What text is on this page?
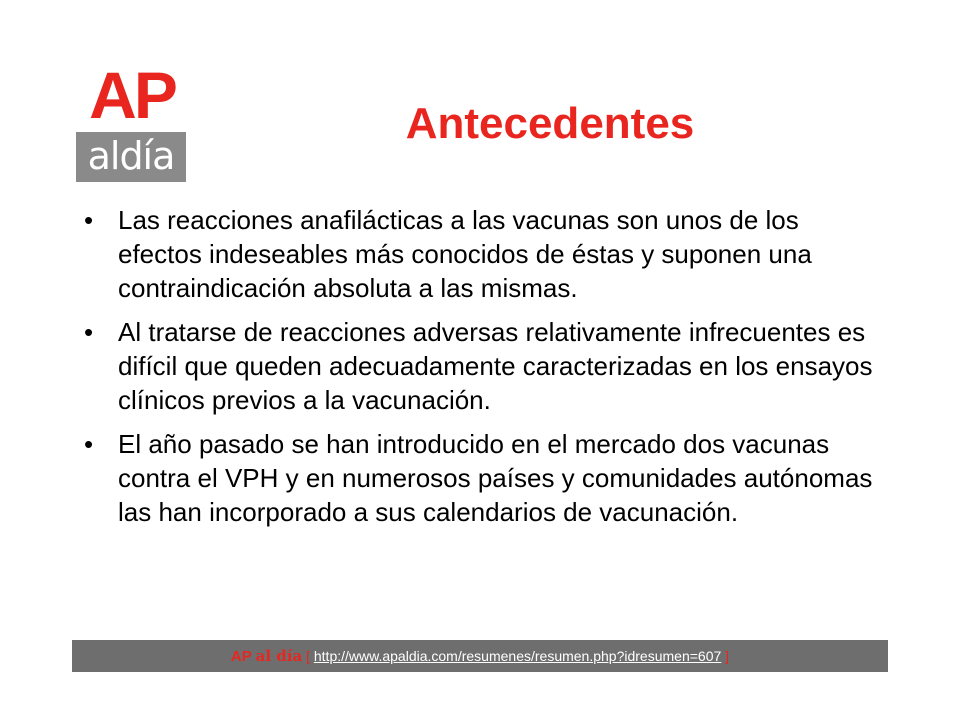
AP
aldía
Antecedentes
• Las reacciones anafilácticas a las vacunas son unos de los efectos indeseables más conocidos de éstas y suponen una contraindicación absoluta a las mismas.
• Al tratarse de reacciones adversas relativamente infrecuentes es difícil que queden adecuadamente caracterizadas en los ensayos clínicos previos a la vacunación.
• El año pasado se han introducido en el mercado dos vacunas contra el VPH y en numerosos países y comunidades autónomas las han incorporado a sus calendarios de vacunación.
AP al día [ http://www.apaldia.com/resumenes/resumen.php?idresumen=607 ]
